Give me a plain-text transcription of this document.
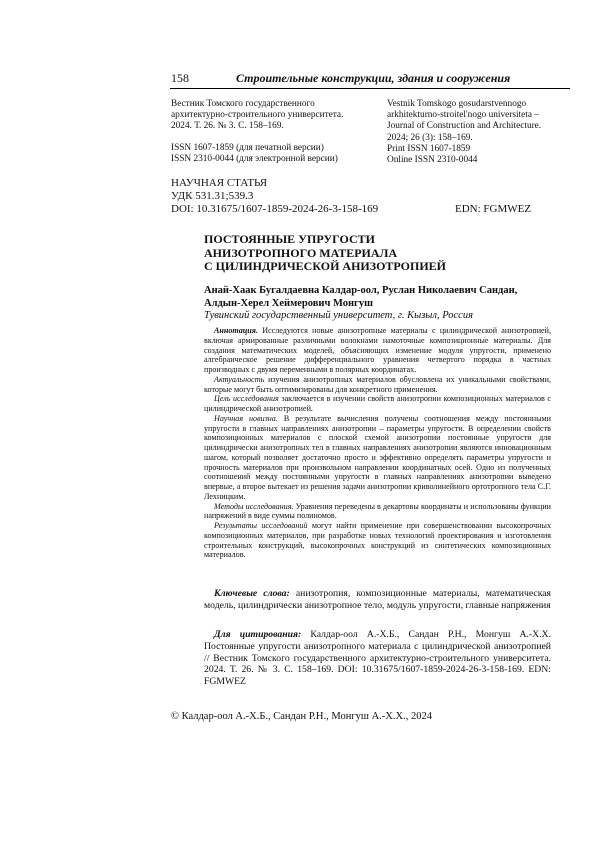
158	Строительные конструкции, здания и сооружения
Вестник Томского государственного
архитектурно-строительного университета.
2024. Т. 26. № 3. С. 158–169.
ISSN 1607-1859 (для печатной версии)
ISSN 2310-0044 (для электронной версии)
Vestnik Tomskogo gosudarstvennogo
arkhitekturno-stroitel'nogo universiteta –
Journal of Construction and Architecture.
2024; 26 (3): 158–169.
Print ISSN 1607-1859
Online ISSN 2310-0044
НАУЧНАЯ СТАТЬЯ
УДК 531.31;539.3
DOI: 10.31675/1607-1859-2024-26-3-158-169	EDN: FGMWEZ
ПОСТОЯННЫЕ УПРУГОСТИ
АНИЗОТРОПНОГО МАТЕРИАЛА
С ЦИЛИНДРИЧЕСКОЙ АНИЗОТРОПИЕЙ
Анай-Хаак Бугалдаевна Калдар-оол, Руслан Николаевич Сандан,
Алдын-Херел Хеймерович Монгуш
Тувинский государственный университет, г. Кызыл, Россия

Аннотация. Исследуются новые анизотропные материалы с цилиндрической анизотропией, включая армированные различными волокнами намоточные композиционные материалы. Для создания математических моделей, объясняющих изменение модуля упругости, применено алгебраическое решение дифференциального уравнения четвертого порядка в частных производных с двумя переменными в полярных координатах.

Актуальность изучения анизотропных материалов обусловлена их уникальными свойствами, которые могут быть оптимизированы для конкретного применения.

Цель исследования заключается в изучении свойств анизотропии композиционных материалов с цилиндрической анизотропией.

Научная новизна. В результате вычисления получены соотношения между постоянными упругости в главных направлениях анизотропии – параметры упругости. В определении свойств композиционных материалов с плоской схемой анизотропии постоянные упругости для цилиндрически анизотропных тел в главных направлениях анизотропии являются инновационным шагом, который позволяет достаточно просто и эффективно определять параметры упругости и прочность материалов при произвольном направлении координатных осей. Одно из полученных соотношений между постоянными упругости в главных направлениях анизотропии выведено впервые, а второе вытекает из решения задачи анизотропии криволинейного ортотропного тела С.Г. Лехницким.

Методы исследования. Уравнения переведены в декартовы координаты и использованы функции напряжений в виде суммы полиномов.

Результаты исследований могут найти применение при совершенствовании высокопрочных композиционных материалов, при разработке новых технологий проектирования и изготовления строительных конструкций, высокопрочных конструкций из синтетических композиционных материалов.

Ключевые слова: анизотропия, композиционные материалы, математическая модель, цилиндрически анизотропное тело, модуль упругости, главные напряжения
Для цитирования: Калдар-оол А.-Х.Б., Сандан Р.Н., Монгуш А.-Х.Х. Постоянные упругости анизотропного материала с цилиндрической анизотропией // Вестник Томского государственного архитектурно-строительного университета. 2024. Т. 26. № 3. С. 158–169. DOI: 10.31675/1607-1859-2024-26-3-158-169. EDN: FGMWEZ
© Калдар-оол А.-Х.Б., Сандан Р.Н., Монгуш А.-Х.Х., 2024
